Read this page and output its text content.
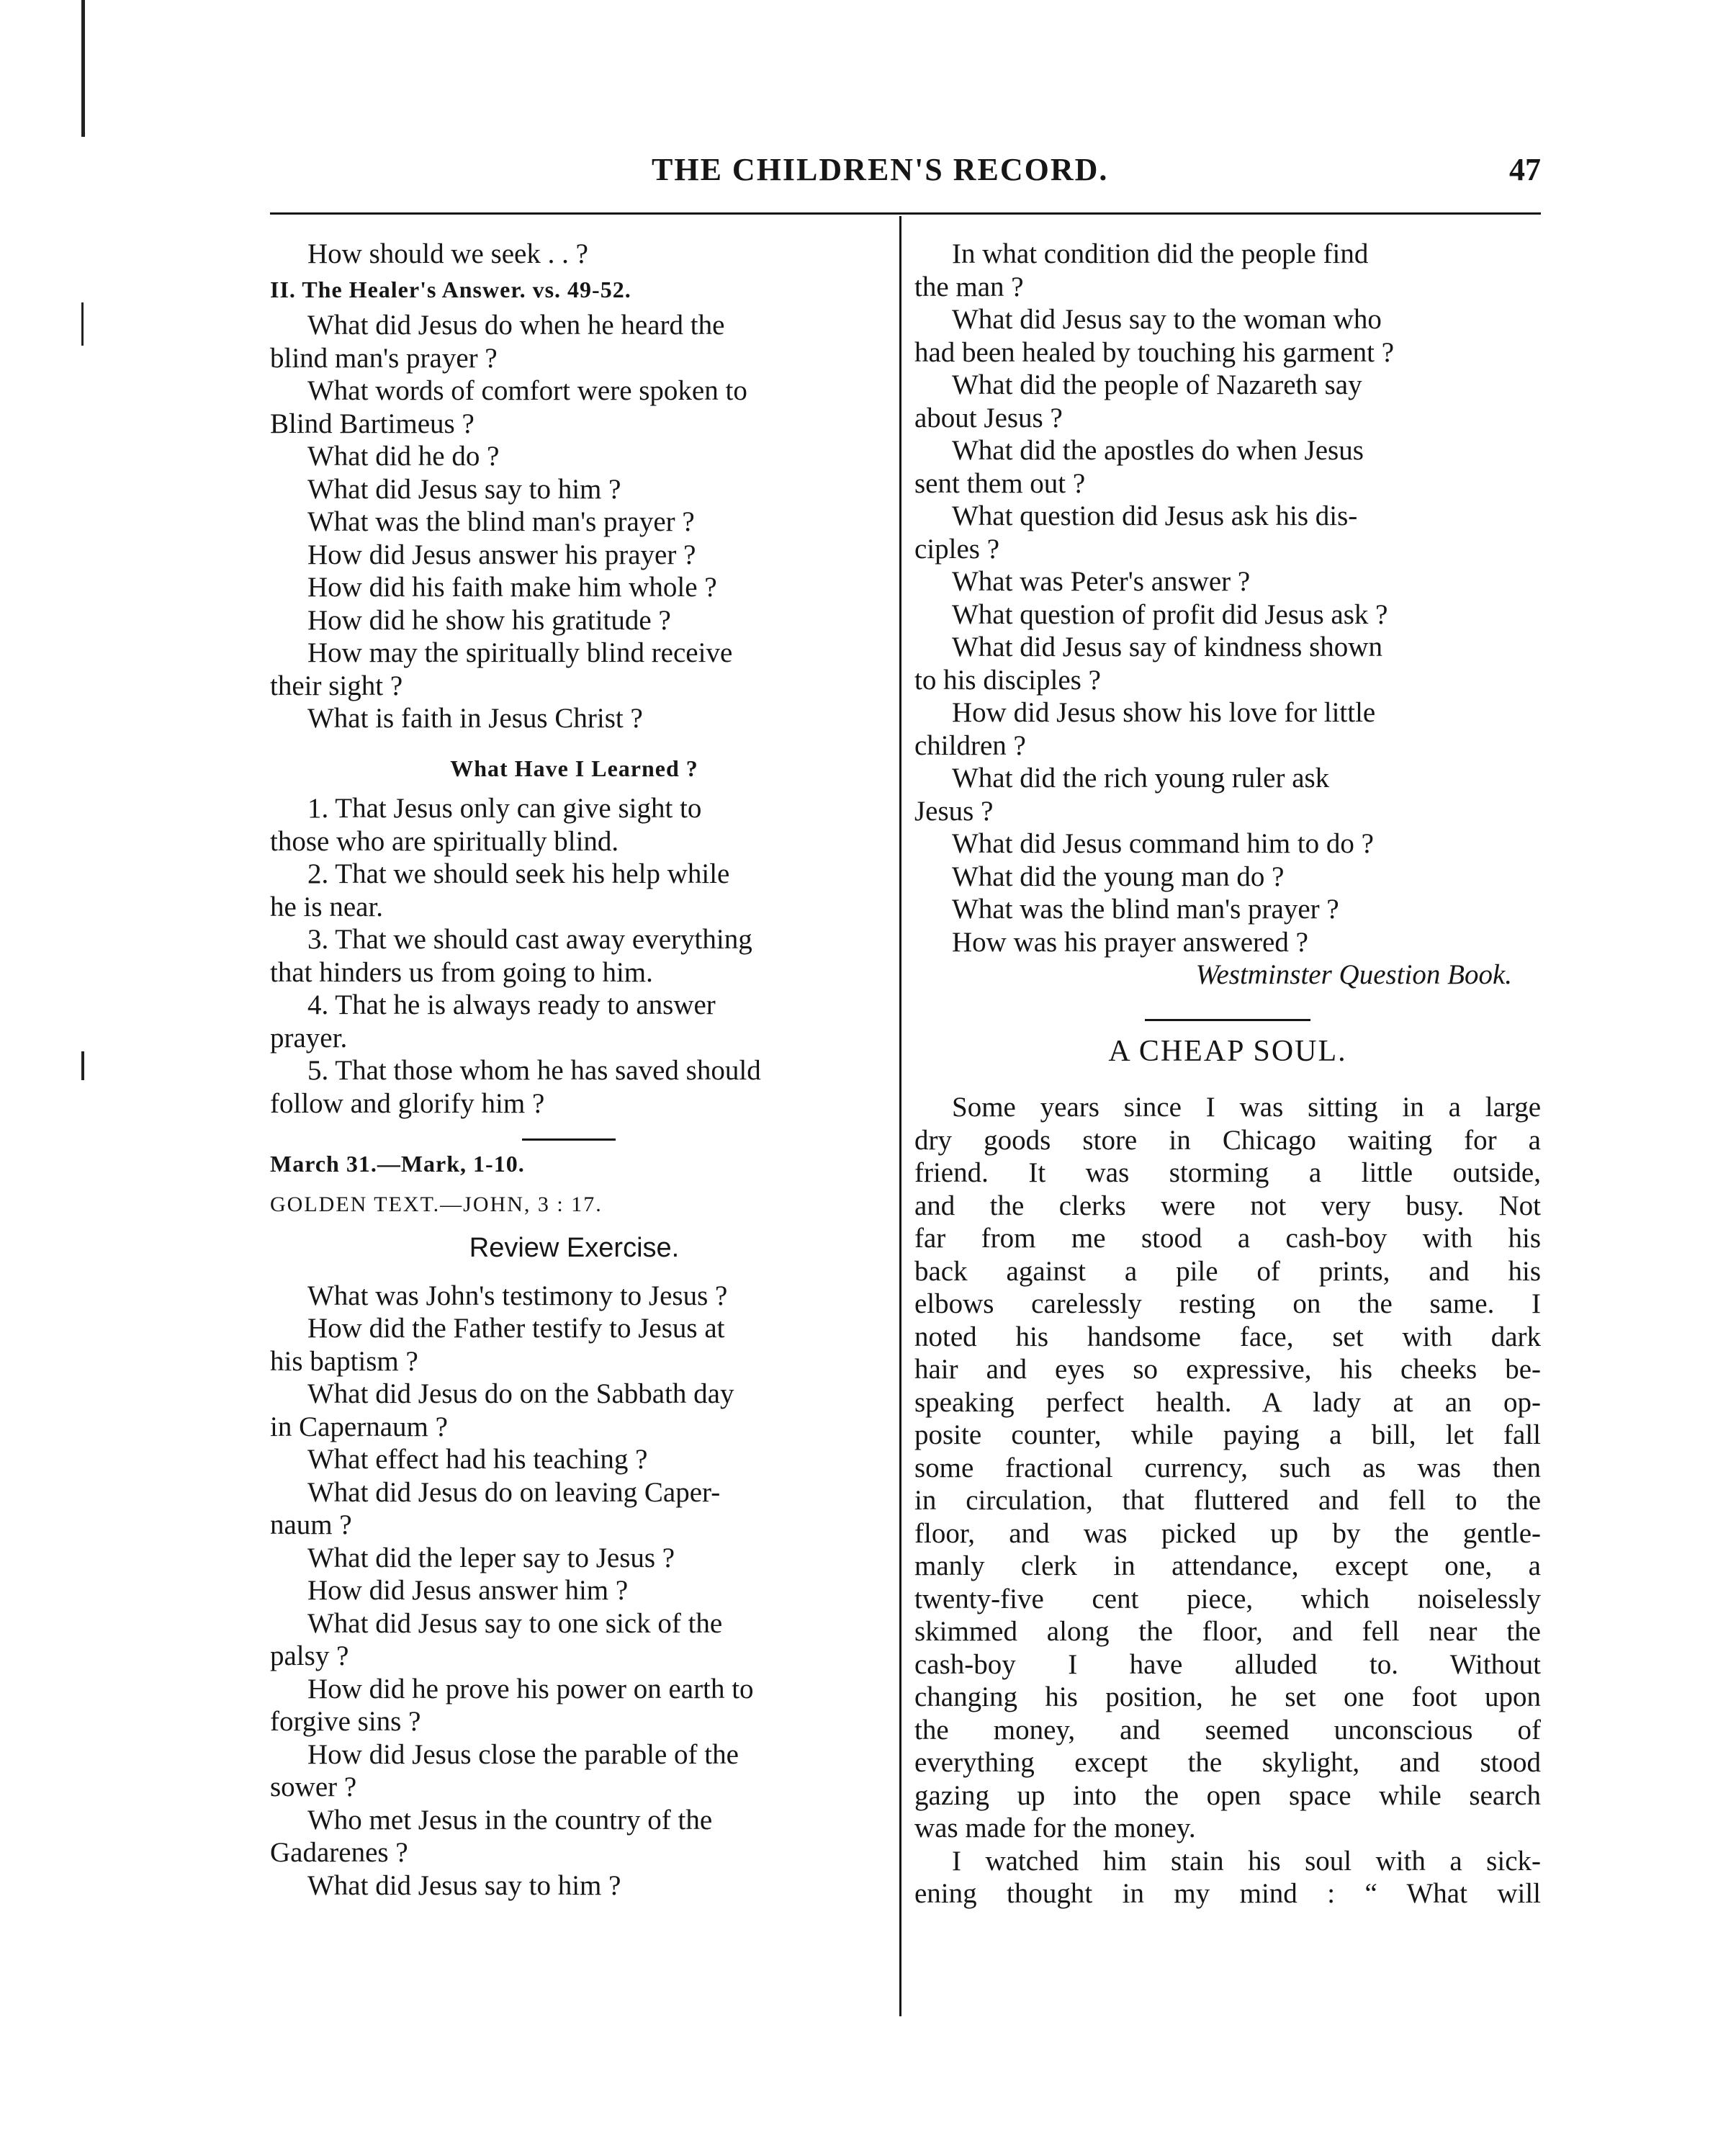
THE CHILDREN'S RECORD.	47
How should we seek . . ?
II. The Healer's Answer. vs. 49-52.
What did Jesus do when he heard the
blind man's prayer ?
What words of comfort were spoken to
Blind Bartimeus ?
What did he do ?
What did Jesus say to him ?
What was the blind man's prayer ?
How did Jesus answer his prayer ?
How did his faith make him whole ?
How did he show his gratitude ?
How may the spiritually blind receive
their sight ?
What is faith in Jesus Christ ?
What Have I Learned ?
1. That Jesus only can give sight to
those who are spiritually blind.
2. That we should seek his help while
he is near.
3. That we should cast away everything
that hinders us from going to him.
4. That he is always ready to answer
prayer.
5. That those whom he has saved should
follow and glorify him ?
March 31.—Mark, 1-10.
GOLDEN TEXT.—JOHN, 3 : 17.
Review Exercise.
What was John's testimony to Jesus ?
How did the Father testify to Jesus at
his baptism ?
What did Jesus do on the Sabbath day
in Capernaum ?
What effect had his teaching ?
What did Jesus do on leaving Caper-
naum ?
What did the leper say to Jesus ?
How did Jesus answer him ?
What did Jesus say to one sick of the
palsy ?
How did he prove his power on earth to
forgive sins ?
How did Jesus close the parable of the
sower ?
Who met Jesus in the country of the
Gadarenes ?
What did Jesus say to him ?
In what condition did the people find
the man ?
What did Jesus say to the woman who
had been healed by touching his garment ?
What did the people of Nazareth say
about Jesus ?
What did the apostles do when Jesus
sent them out ?
What question did Jesus ask his dis-
ciples ?
What was Peter's answer ?
What question of profit did Jesus ask ?
What did Jesus say of kindness shown
to his disciples ?
How did Jesus show his love for little
children ?
What did the rich young ruler ask
Jesus ?
What did Jesus command him to do ?
What did the young man do ?
What was the blind man's prayer ?
How was his prayer answered ?
Westminster Question Book.
A CHEAP SOUL.
Some years since I was sitting in a large
dry goods store in Chicago waiting for a
friend. It was storming a little outside,
and the clerks were not very busy. Not
far from me stood a cash-boy with his
back against a pile of prints, and his
elbows carelessly resting on the same. I
noted his handsome face, set with dark
hair and eyes so expressive, his cheeks be-
speaking perfect health. A lady at an op-
posite counter, while paying a bill, let fall
some fractional currency, such as was then
in circulation, that fluttered and fell to the
floor, and was picked up by the gentle-
manly clerk in attendance, except one, a
twenty-five cent piece, which noiselessly
skimmed along the floor, and fell near the
cash-boy I have alluded to. Without
changing his position, he set one foot upon
the money, and seemed unconscious of
everything except the skylight, and stood
gazing up into the open space while search
was made for the money.
I watched him stain his soul with a sick-
ening thought in my mind : “ What will
